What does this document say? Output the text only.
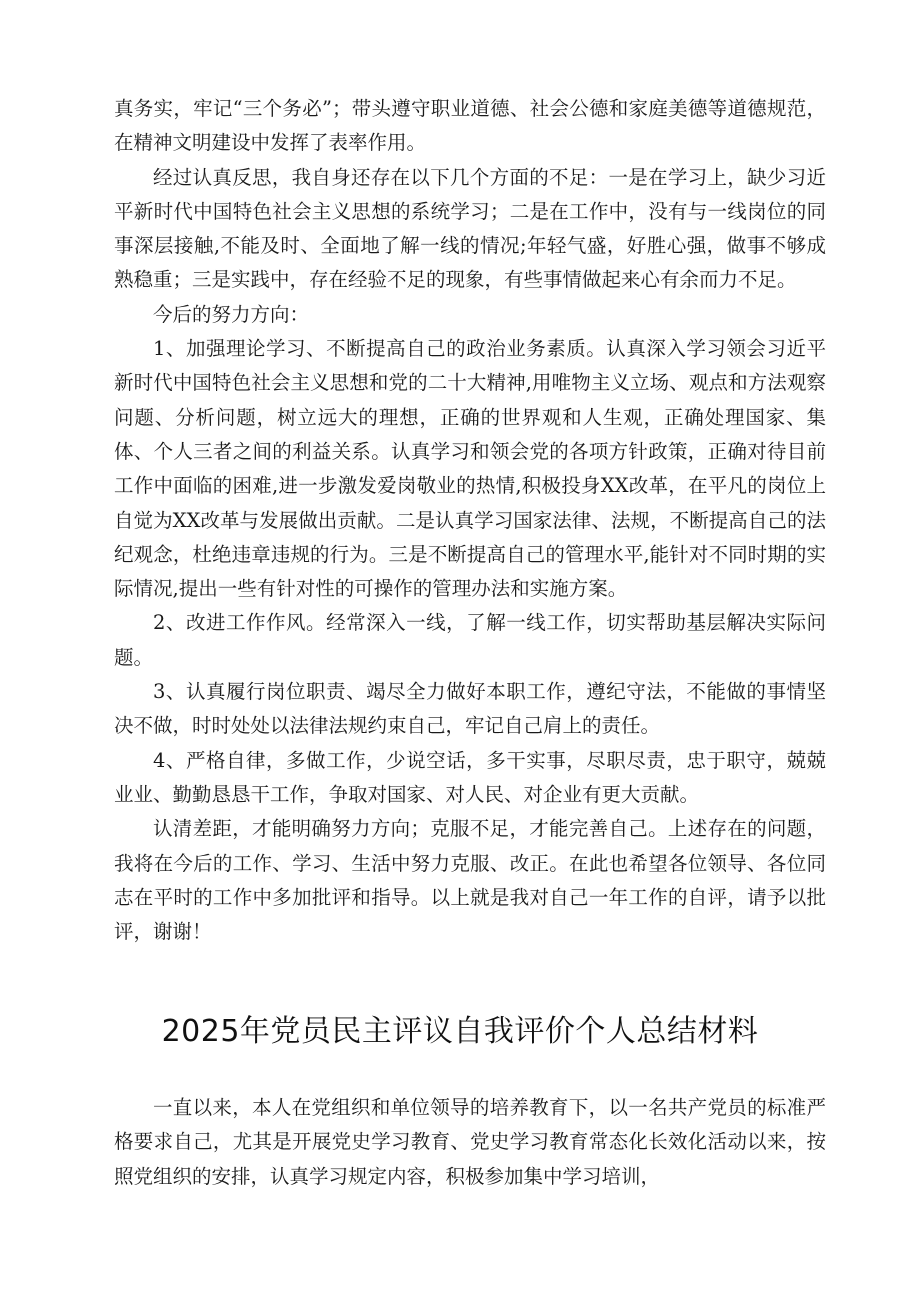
真务实，牢记“三个务必”；带头遵守职业道德、社会公德和家庭美德等道德规范，在精神文明建设中发挥了表率作用。

经过认真反思，我自身还存在以下几个方面的不足：一是在学习上，缺少习近平新时代中国特色社会主义思想的系统学习；二是在工作中，没有与一线岗位的同事深层接触,不能及时、全面地了解一线的情况;年轻气盛，好胜心强，做事不够成熟稳重；三是实践中，存在经验不足的现象，有些事情做起来心有余而力不足。

今后的努力方向：

1、加强理论学习、不断提高自己的政治业务素质。认真深入学习领会习近平新时代中国特色社会主义思想和党的二十大精神,用唯物主义立场、观点和方法观察问题、分析问题，树立远大的理想，正确的世界观和人生观，正确处理国家、集体、个人三者之间的利益关系。认真学习和领会党的各项方针政策，正确对待目前工作中面临的困难,进一步激发爱岗敬业的热情,积极投身XX改革，在平凡的岗位上自觉为XX改革与发展做出贡献。二是认真学习国家法律、法规，不断提高自己的法纪观念，杜绝违章违规的行为。三是不断提高自己的管理水平,能针对不同时期的实际情况,提出一些有针对性的可操作的管理办法和实施方案。

2、改进工作作风。经常深入一线，了解一线工作，切实帮助基层解决实际问题。

3、认真履行岗位职责、竭尽全力做好本职工作，遵纪守法，不能做的事情坚决不做，时时处处以法律法规约束自己，牢记自己肩上的责任。

4、严格自律，多做工作，少说空话，多干实事，尽职尽责，忠于职守，兢兢业业、勤勤恳恳干工作，争取对国家、对人民、对企业有更大贡献。

认清差距，才能明确努力方向；克服不足，才能完善自己。上述存在的问题，我将在今后的工作、学习、生活中努力克服、改正。在此也希望各位领导、各位同志在平时的工作中多加批评和指导。以上就是我对自己一年工作的自评，请予以批评，谢谢！

2025年党员民主评议自我评价个人总结材料

一直以来，本人在党组织和单位领导的培养教育下，以一名共产党员的标准严格要求自己，尤其是开展党史学习教育、党史学习教育常态化长效化活动以来，按照党组织的安排，认真学习规定内容，积极参加集中学习培训，
